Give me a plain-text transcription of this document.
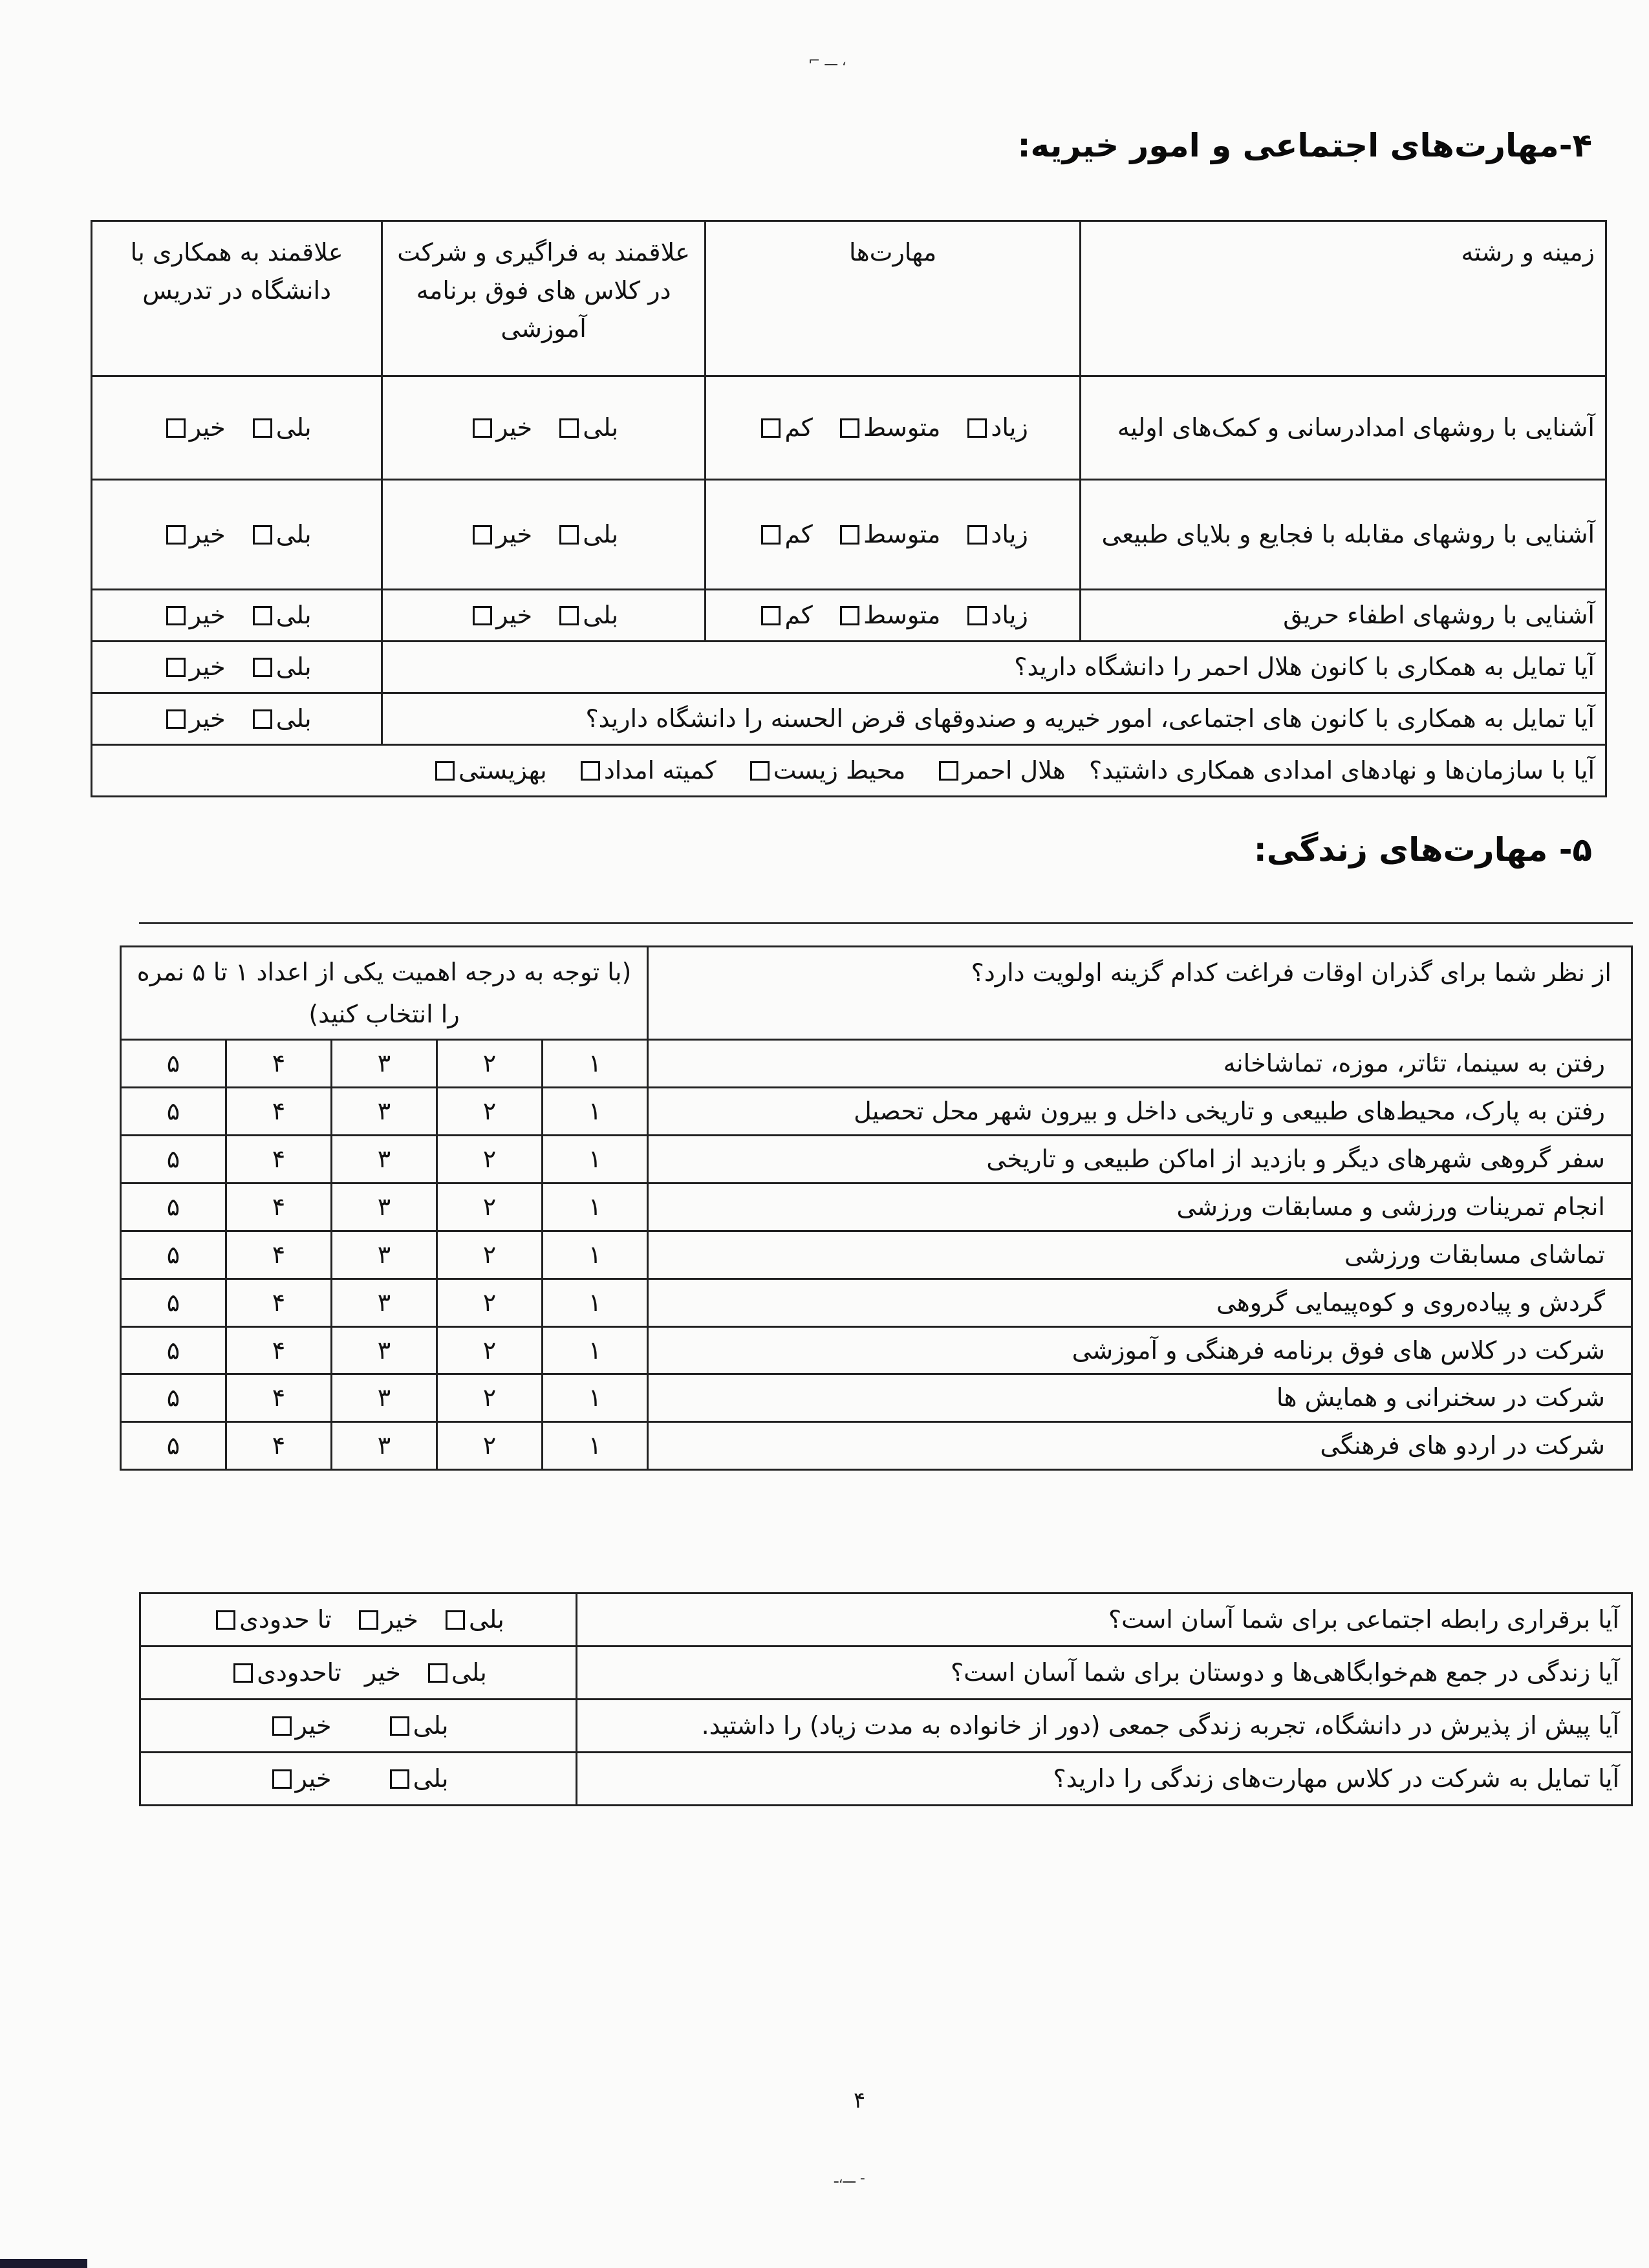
⌐ ـــ ،
۴-مهارت‌های اجتماعی و امور خیریه:
زمینه و رشته	مهارت‌ها	علاقمند به فراگیری و شرکت در کلاس های فوق برنامه آموزشی	علاقمند به همکاری با دانشگاه در تدریس
آشنایی با روشهای امدادرسانی و کمک‌های اولیه	زیاد متوسط کم	بلی خیر	بلی خیر
آشنایی با روشهای مقابله با فجایع و بلایای طبیعی	زیاد متوسط کم	بلی خیر	بلی خیر
آشنایی با روشهای اطفاء حریق	زیاد متوسط کم	بلی خیر	بلی خیر
آیا تمایل به همکاری با کانون هلال احمر را دانشگاه دارید؟			بلی خیر
آیا تمایل به همکاری با کانون های اجتماعی، امور خیریه و صندوقهای قرض الحسنه را دانشگاه دارید؟			بلی خیر
آیا با سازمان‌ها و نهادهای امدادی همکاری داشتید؟ هلال احمر محیط زیست کمیته امداد بهزیستی			
۵- مهارت‌های زندگی:
از نظر شما برای گذران اوقات فراغت کدام گزینه اولویت دارد؟	(با توجه به درجه اهمیت یکی از اعداد ۱ تا ۵ نمره را انتخاب کنید)				
رفتن به سینما، تئاتر، موزه، تماشاخانه	۱	۲	۳	۴	۵
رفتن به پارک، محیط‌های طبیعی و تاریخی داخل و بیرون شهر محل تحصیل	۱	۲	۳	۴	۵
سفر گروهی شهرهای دیگر و بازدید از اماکن طبیعی و تاریخی	۱	۲	۳	۴	۵
انجام تمرینات ورزشی و مسابقات ورزشی	۱	۲	۳	۴	۵
تماشای مسابقات ورزشی	۱	۲	۳	۴	۵
گردش و پیاده‌روی و کوه‌پیمایی گروهی	۱	۲	۳	۴	۵
شرکت در کلاس های فوق برنامه فرهنگی و آموزشی	۱	۲	۳	۴	۵
شرکت در سخنرانی و همایش ها	۱	۲	۳	۴	۵
شرکت در اردو های فرهنگی	۱	۲	۳	۴	۵
آیا برقراری رابطه اجتماعی برای شما آسان است؟	بلی خیر تا حدودی
آیا زندگی در جمع هم‌خوابگاهی‌ها و دوستان برای شما آسان است؟	بلی خیر تاحدودی
آیا پیش از پذیرش در دانشگاه، تجربه زندگی جمعی (دور از خانواده به مدت زیاد) را داشتید.	بلی خیر
آیا تمایل به شرکت در کلاس مهارت‌های زندگی را دارید؟	بلی خیر
۴
ـــ،ـ ‐
